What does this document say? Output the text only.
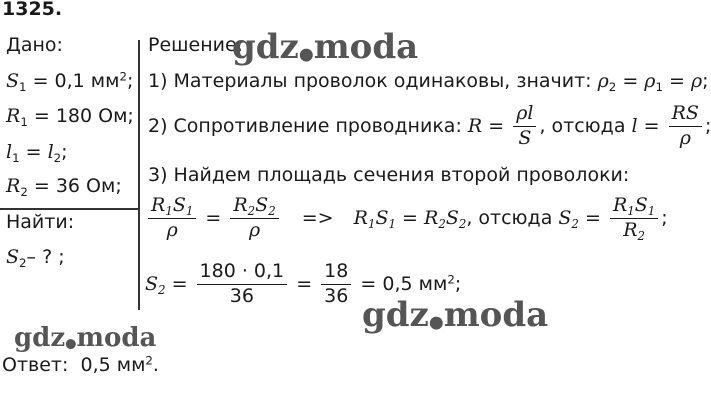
1325.
Дано:
$S_1 = 0,1$ $мм^2$;
$R_1 = 180$ Ом;
$l_1 = l_2$;
$R_2 = 36$ Ом;
Найти:
$S_2-$ ? ;
Решение:
1) Материалы проволок одинаковы, значит: $\rho_2 = \rho_1 = \rho$;
2) Сопротивление проводника: $R = \frac{\rho l}{S}$ , отсюда $l = \frac{RS}{\rho}$ ;
3) Найдем площадь сечения второй проволоки:
$\frac{R_1S_1}{\rho} = \frac{R_2S_2}{\rho} => R_1S_1 = R_2S_2$, отсюда $S_2 = \frac{R_1S_1}{R_2}$ ;
$S_2 = \frac{180 \cdot 0,1}{36} = \frac{18}{36} = 0,5$ $мм^2$;
Ответ: 0,5 $мм^2$.
gdz●moda
gdz●moda
gdz●moda
